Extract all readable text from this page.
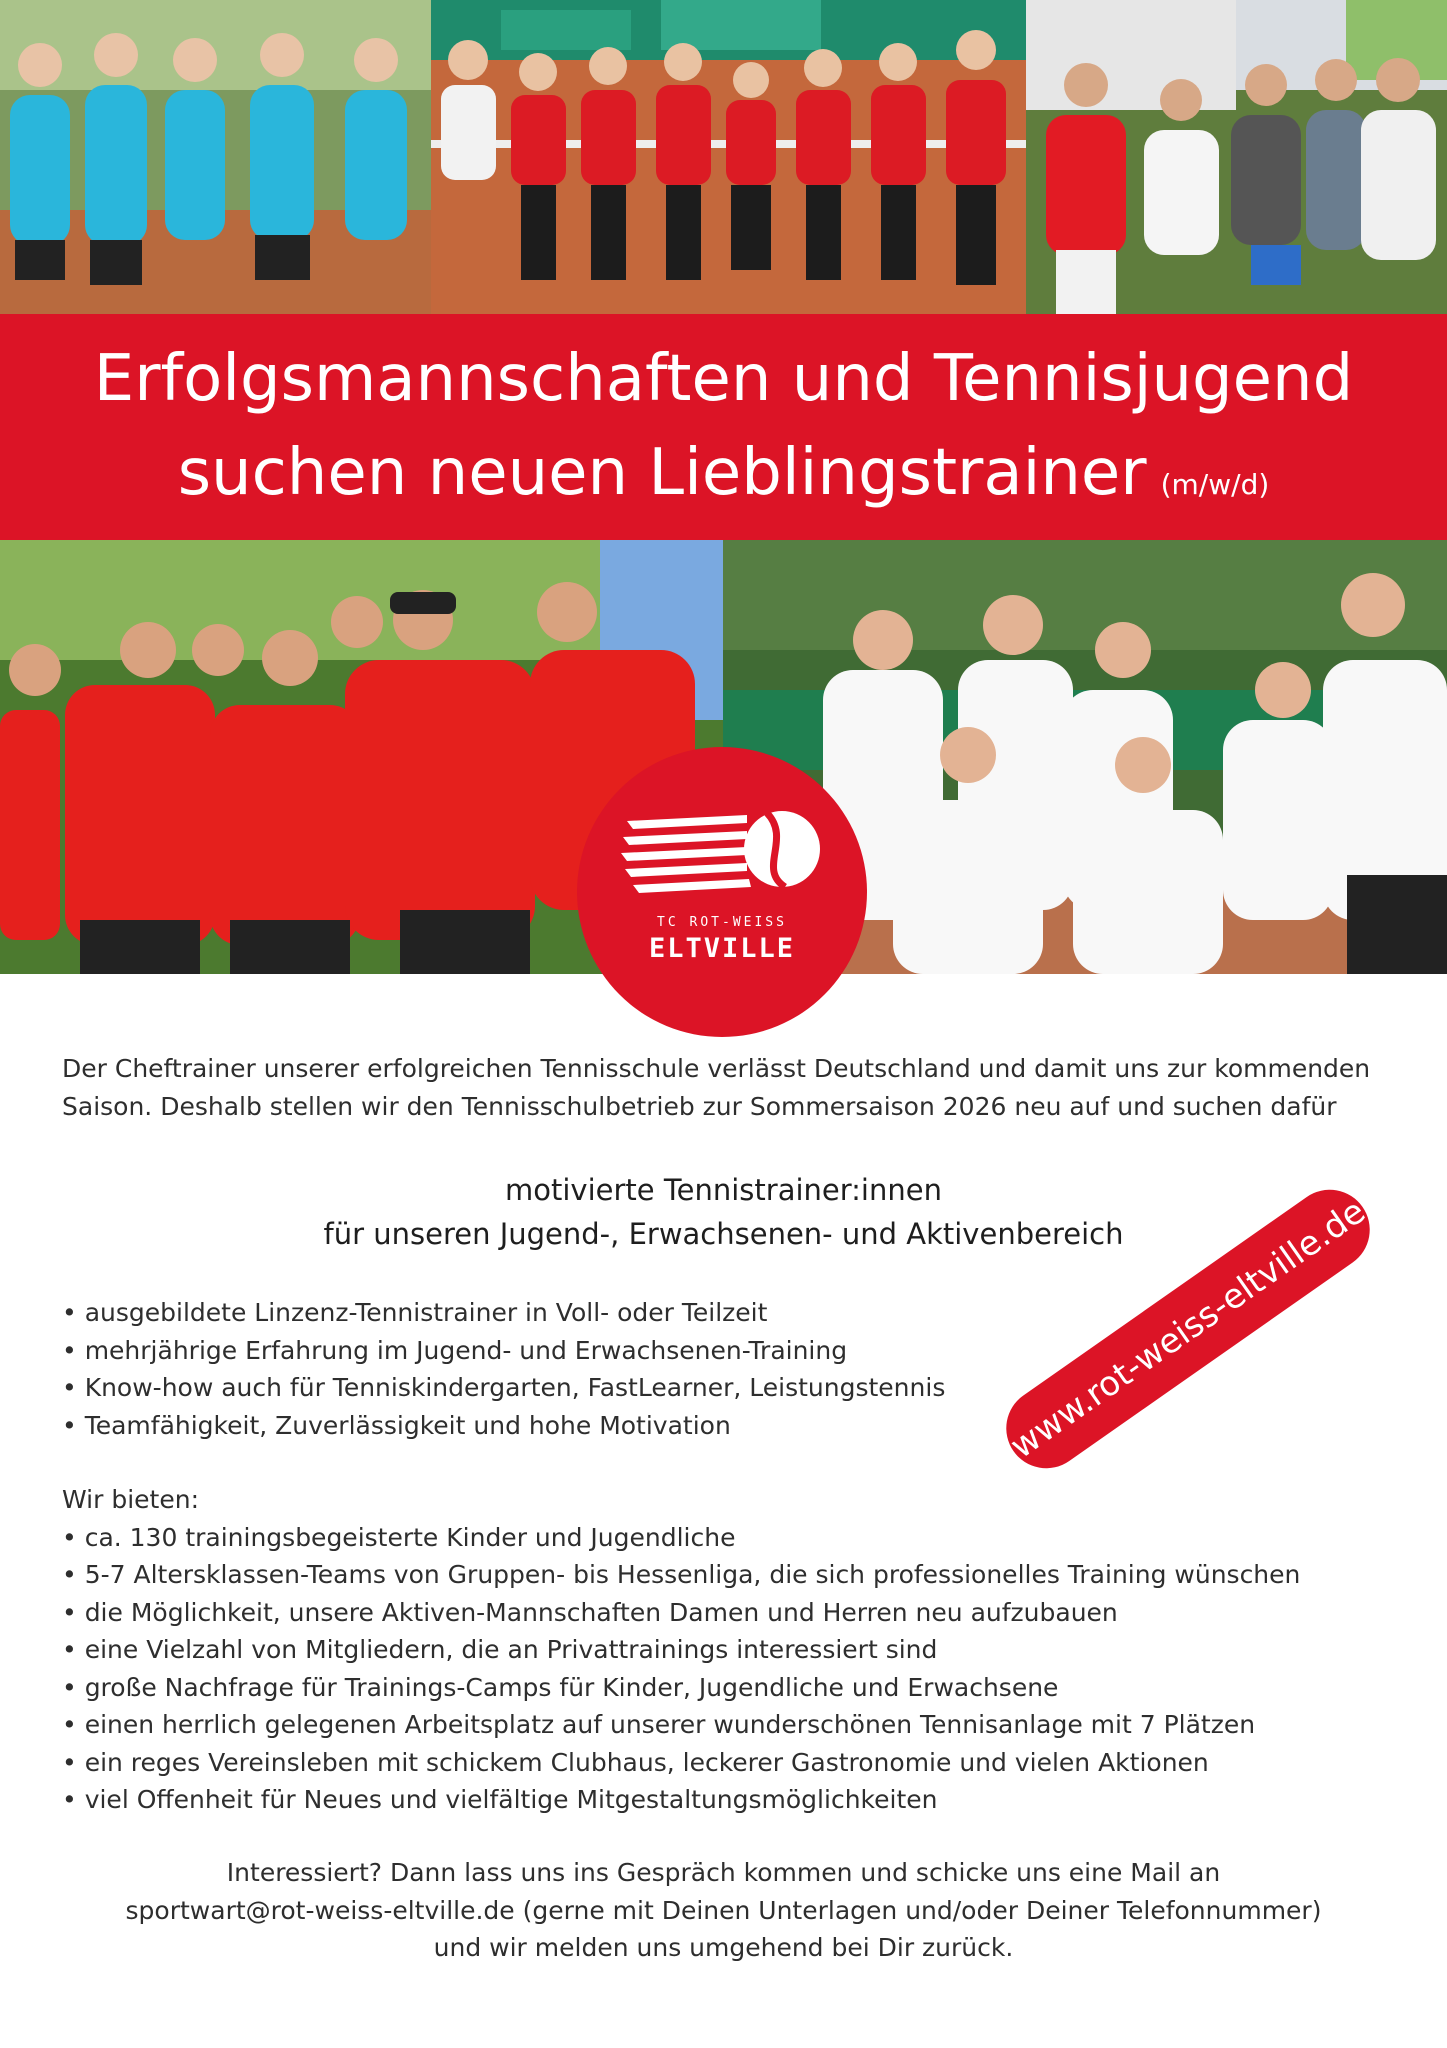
Erfolgsmannschaften und Tennisjugend
suchen neuen Lieblingstrainer (m/w/d)
TC ROT-WEISS
ELTVILLE

Der Cheftrainer unserer erfolgreichen Tennisschule verlässt Deutschland und damit uns zur kommenden

Saison. Deshalb stellen wir den Tennisschulbetrieb zur Sommersaison 2026 neu auf und suchen dafür

motivierte Tennistrainer:innen
für unseren Jugend-, Erwachsenen- und Aktivenbereich
• ausgebildete Linzenz-Tennistrainer in Voll- oder Teilzeit
• mehrjährige Erfahrung im Jugend- und Erwachsenen-Training
• Know-how auch für Tenniskindergarten, FastLearner, Leistungstennis
• Teamfähigkeit, Zuverlässigkeit und hohe Motivation
Wir bieten:
• ca. 130 trainingsbegeisterte Kinder und Jugendliche
• 5-7 Altersklassen-Teams von Gruppen- bis Hessenliga, die sich professionelles Training wünschen
• die Möglichkeit, unsere Aktiven-Mannschaften Damen und Herren neu aufzubauen
• eine Vielzahl von Mitgliedern, die an Privattrainings interessiert sind
• große Nachfrage für Trainings-Camps für Kinder, Jugendliche und Erwachsene
• einen herrlich gelegenen Arbeitsplatz auf unserer wunderschönen Tennisanlage mit 7 Plätzen
• ein reges Vereinsleben mit schickem Clubhaus, leckerer Gastronomie und vielen Aktionen
• viel Offenheit für Neues und vielfältige Mitgestaltungsmöglichkeiten
Interessiert? Dann lass uns ins Gespräch kommen und schicke uns eine Mail an
sportwart@rot-weiss-eltville.de (gerne mit Deinen Unterlagen und/oder Deiner Telefonnummer)
und wir melden uns umgehend bei Dir zurück.
www.rot-weiss-eltville.de
